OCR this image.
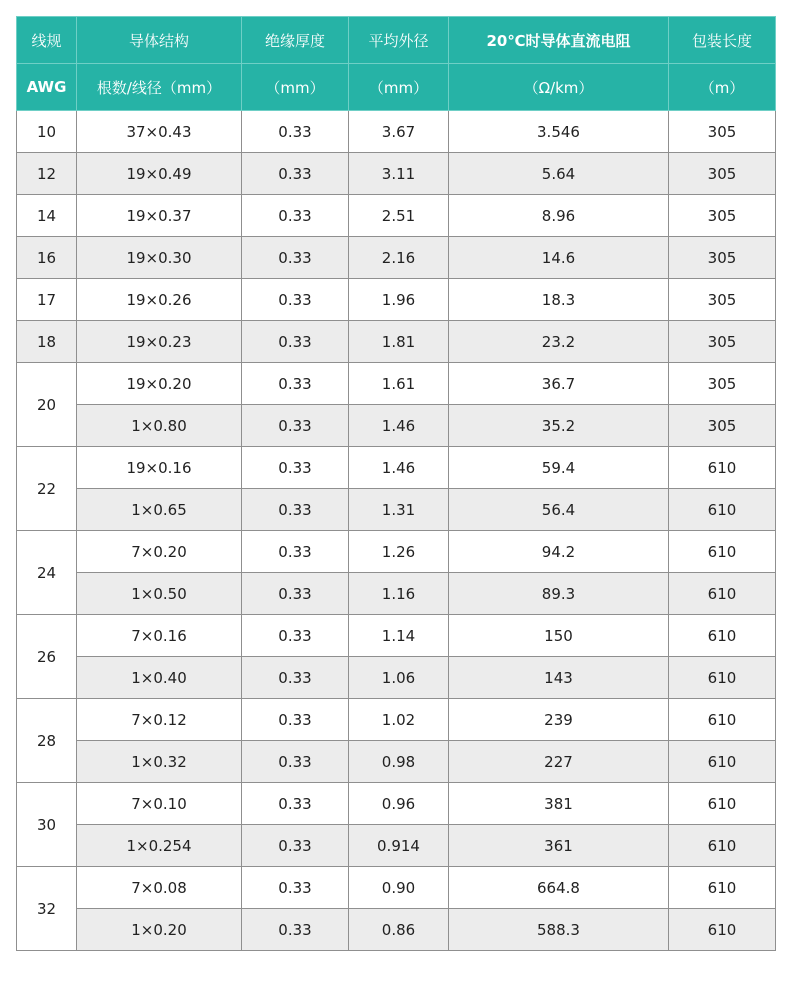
线规	导体结构	绝缘厚度	平均外径	20℃时导体直流电阻	包装长度
AWG	根数/线径（mm）	（mm）	（mm）	（Ω/km）	（m）
10	37×0.43	0.33	3.67	3.546	305
12	19×0.49	0.33	3.11	5.64	305
14	19×0.37	0.33	2.51	8.96	305
16	19×0.30	0.33	2.16	14.6	305
17	19×0.26	0.33	1.96	18.3	305
18	19×0.23	0.33	1.81	23.2	305
20	19×0.20	0.33	1.61	36.7	305
	1×0.80	0.33	1.46	35.2	305
22	19×0.16	0.33	1.46	59.4	610
	1×0.65	0.33	1.31	56.4	610
24	7×0.20	0.33	1.26	94.2	610
	1×0.50	0.33	1.16	89.3	610
26	7×0.16	0.33	1.14	150	610
	1×0.40	0.33	1.06	143	610
28	7×0.12	0.33	1.02	239	610
	1×0.32	0.33	0.98	227	610
30	7×0.10	0.33	0.96	381	610
	1×0.254	0.33	0.914	361	610
32	7×0.08	0.33	0.90	664.8	610
	1×0.20	0.33	0.86	588.3	610
